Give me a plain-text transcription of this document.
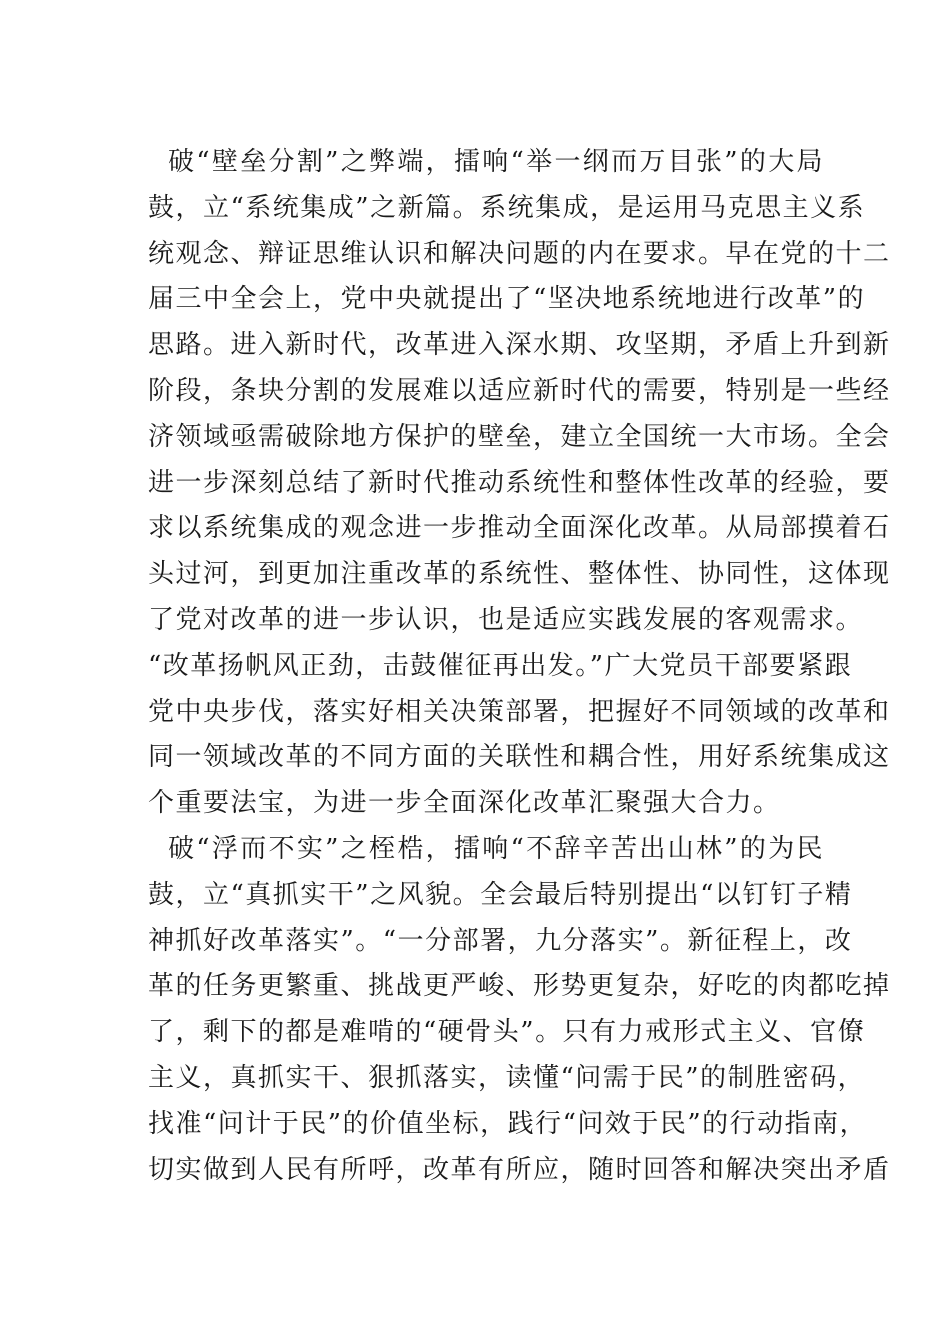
破“壁垒分割”之弊端，擂响“举一纲而万目张”的大局
鼓，立“系统集成”之新篇。系统集成，是运用马克思主义系
统观念、辩证思维认识和解决问题的内在要求。早在党的十二
届三中全会上，党中央就提出了“坚决地系统地进行改革”的
思路。进入新时代，改革进入深水期、攻坚期，矛盾上升到新
阶段，条块分割的发展难以适应新时代的需要，特别是一些经
济领域亟需破除地方保护的壁垒，建立全国统一大市场。全会
进一步深刻总结了新时代推动系统性和整体性改革的经验，要
求以系统集成的观念进一步推动全面深化改革。从局部摸着石
头过河，到更加注重改革的系统性、整体性、协同性，这体现
了党对改革的进一步认识，也是适应实践发展的客观需求。
“改革扬帆风正劲，击鼓催征再出发。”广大党员干部要紧跟
党中央步伐，落实好相关决策部署，把握好不同领域的改革和
同一领域改革的不同方面的关联性和耦合性，用好系统集成这
个重要法宝，为进一步全面深化改革汇聚强大合力。
破“浮而不实”之桎梏，擂响“不辞辛苦出山林”的为民
鼓，立“真抓实干”之风貌。全会最后特别提出“以钉钉子精
神抓好改革落实”。“一分部署，九分落实”。新征程上，改
革的任务更繁重、挑战更严峻、形势更复杂，好吃的肉都吃掉
了，剩下的都是难啃的“硬骨头”。只有力戒形式主义、官僚
主义，真抓实干、狠抓落实，读懂“问需于民”的制胜密码，
找准“问计于民”的价值坐标，践行“问效于民”的行动指南，
切实做到人民有所呼，改革有所应，随时回答和解决突出矛盾
